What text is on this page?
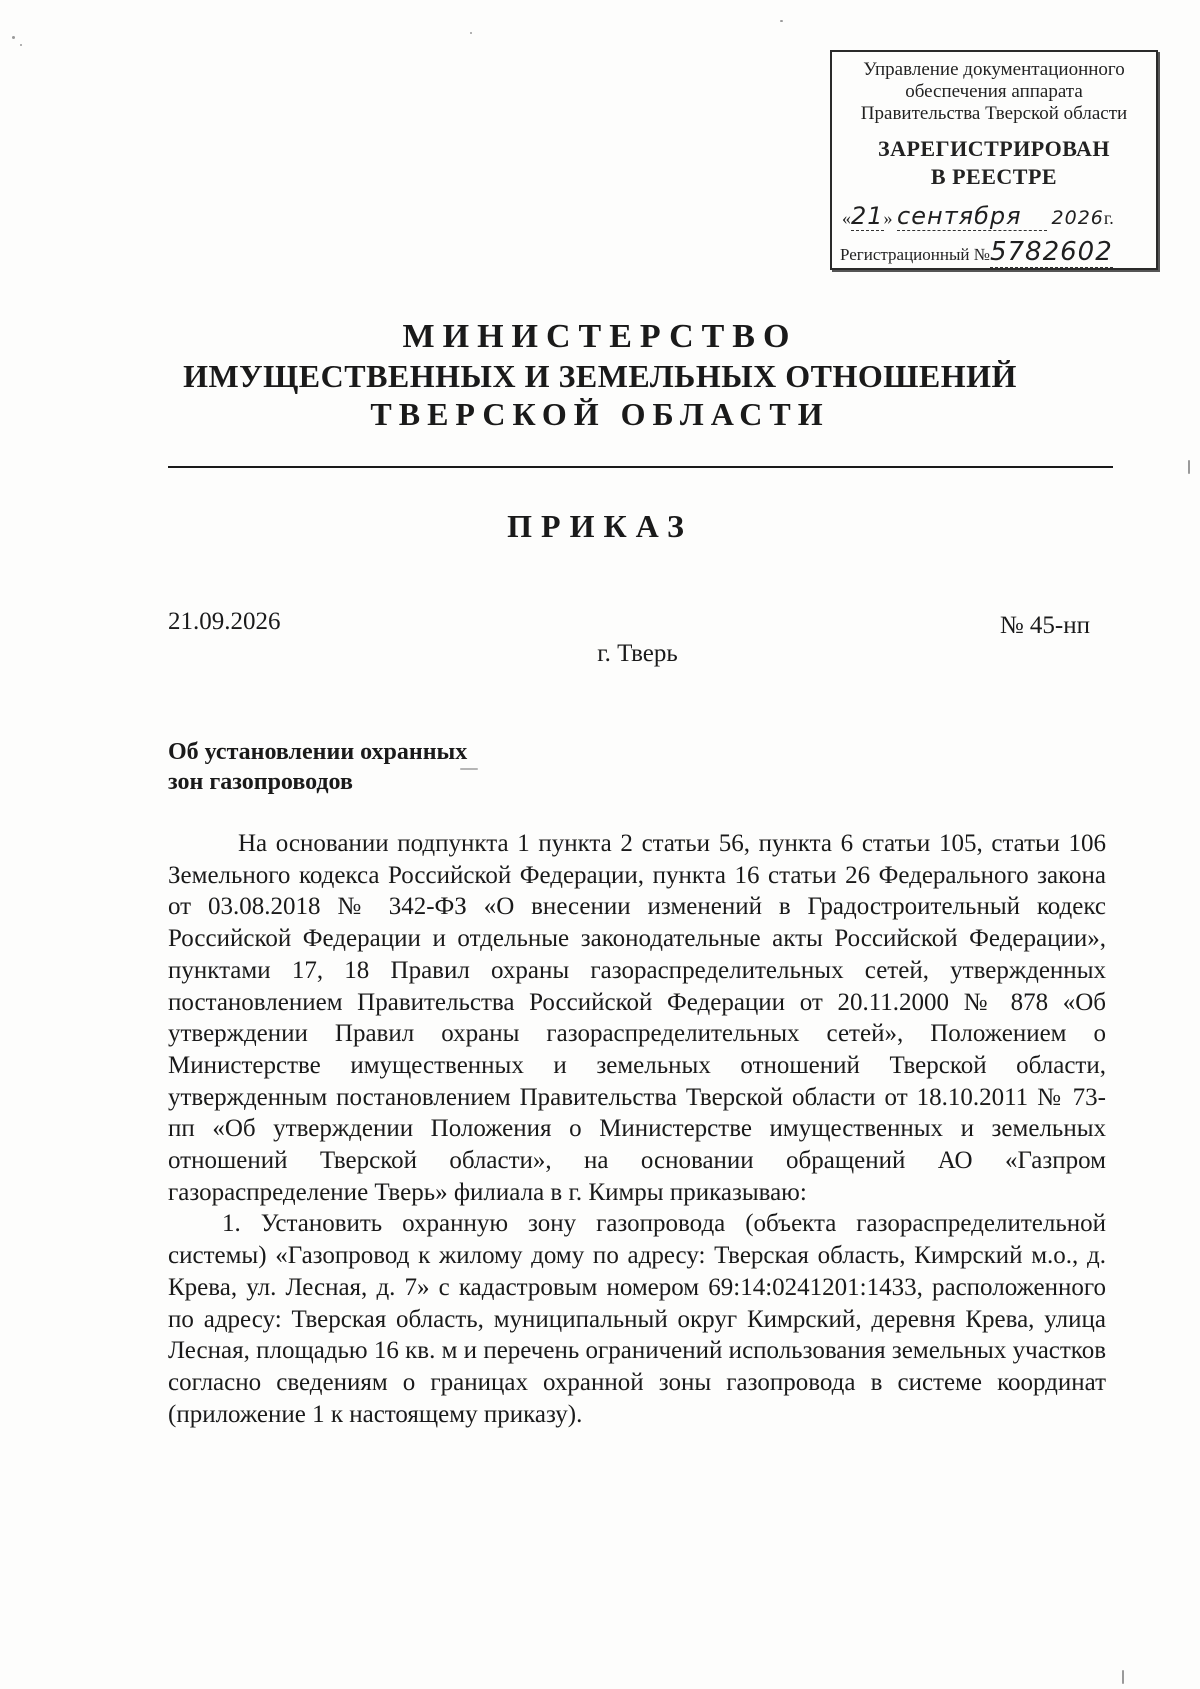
Управление документационного
обеспечения аппарата
Правительства Тверской области
ЗАРЕГИСТРИРОВАН
В РЕЕСТРЕ
«21» сентября 2026г.
Регистрационный №5782602
МИНИСТЕРСТВО
ИМУЩЕСТВЕННЫХ И ЗЕМЕЛЬНЫХ ОТНОШЕНИЙ
ТВЕРСКОЙ ОБЛАСТИ
ПРИКАЗ
21.09.2026	№ 45-нп
г. Тверь
Об установлении охранных
зон газопроводов

На основании подпункта 1 пункта 2 статьи 56, пункта 6 статьи 105, статьи 106 Земельного кодекса Российской Федерации, пункта 16 статьи 26 Федерального закона от 03.08.2018 № 342-ФЗ «О внесении изменений в Градостроительный кодекс Российской Федерации и отдельные законодательные акты Российской Федерации», пунктами 17, 18 Правил охраны газораспределительных сетей, утвержденных постановлением Правительства Российской Федерации от 20.11.2000 № 878 «Об утверждении Правил охраны газораспределительных сетей», Положением о Министерстве имущественных и земельных отношений Тверской области, утвержденным постановлением Правительства Тверской области от 18.10.2011 № 73-пп «Об утверждении Положения о Министерстве имущественных и земельных отношений Тверской области», на основании обращений АО «Газпром газораспределение Тверь» филиала в г. Кимры приказываю:

1. Установить охранную зону газопровода (объекта газораспределительной системы) «Газопровод к жилому дому по адресу: Тверская область, Кимрский м.о., д. Крева, ул. Лесная, д. 7» с кадастровым номером 69:14:0241201:1433, расположенного по адресу: Тверская область, муниципальный округ Кимрский, деревня Крева, улица Лесная, площадью 16 кв. м и перечень ограничений использования земельных участков согласно сведениям о границах охранной зоны газопровода в системе координат (приложение 1 к настоящему приказу).
